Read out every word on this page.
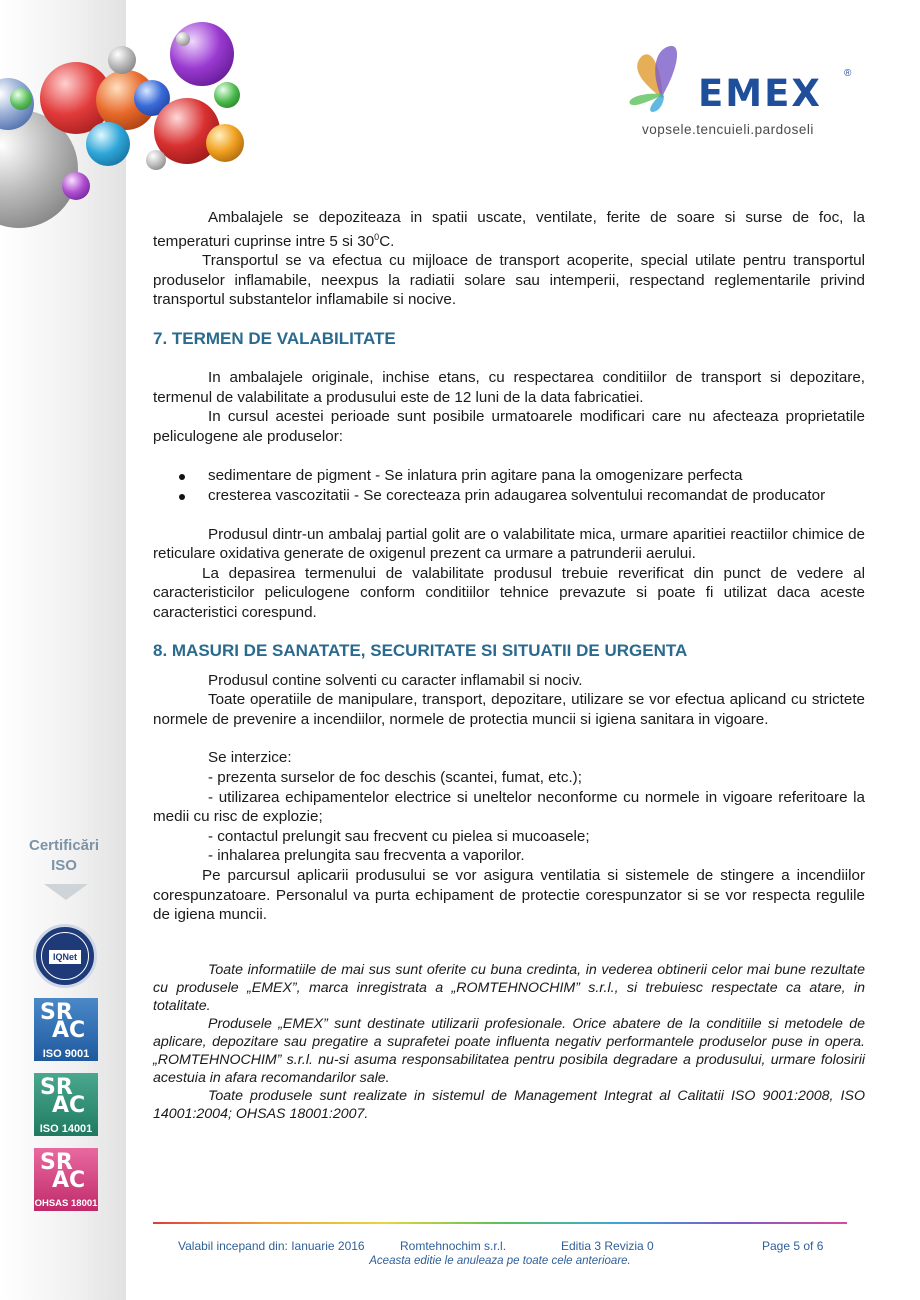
EMEX ®
vopsele.tencuieli.pardoseli
Certificări
ISO
IQNet
SR
AC
ISO 9001
SR
AC
ISO 14001
SR
AC
OHSAS 18001

Ambalajele se depoziteaza in spatii uscate, ventilate, ferite de soare si surse de foc, la temperaturi cuprinse intre 5 si $30^0C$.

Transportul se va efectua cu mijloace de transport acoperite, special utilate pentru transportul produselor inflamabile, neexpus la radiatii solare sau intemperii, respectand reglementarile privind transportul substantelor inflamabile si nocive.

7. TERMEN DE VALABILITATE

In ambalajele originale, inchise etans, cu respectarea conditiilor de transport si depozitare, termenul de valabilitate a produsului este de 12 luni de la data fabricatiei.

In cursul acestei perioade sunt posibile urmatoarele modificari care nu afecteaza proprietatile peliculogene ale produselor:

sedimentare de pigment - Se inlatura prin agitare pana la omogenizare perfecta
cresterea vascozitatii - Se corecteaza prin adaugarea solventului recomandat de producator

Produsul dintr-un ambalaj partial golit are o valabilitate mica, urmare aparitiei reactiilor chimice de reticulare oxidativa generate de oxigenul prezent ca urmare a patrunderii aerului.

La depasirea termenului de valabilitate produsul trebuie reverificat din punct de vedere al caracteristicilor peliculogene conform conditiilor tehnice prevazute si poate fi utilizat daca aceste caracteristici corespund.

8. MASURI DE SANATATE, SECURITATE SI SITUATII DE URGENTA

Produsul contine solventi cu caracter inflamabil si nociv.

Toate operatiile de manipulare, transport, depozitare, utilizare se vor efectua aplicand cu strictete normele de prevenire a incendiilor, normele de protectia muncii si igiena sanitara in vigoare.

Se interzice:

- prezenta surselor de foc deschis (scantei, fumat, etc.);

- utilizarea echipamentelor electrice si uneltelor neconforme cu normele in vigoare referitoare la medii cu risc de explozie;

- contactul prelungit sau frecvent cu pielea si mucoasele;

- inhalarea prelungita sau frecventa a vaporilor.

Pe parcursul aplicarii produsului se vor asigura ventilatia si sistemele de stingere a incendiilor corespunzatoare. Personalul va purta echipament de protectie corespunzator si se vor respecta regulile de igiena muncii.

Toate informatiile de mai sus sunt oferite cu buna credinta, in vederea obtinerii celor mai bune rezultate cu produsele „EMEX”, marca inregistrata a „ROMTEHNOCHIM” s.r.l., si trebuiesc respectate ca atare, in totalitate.

Produsele „EMEX” sunt destinate utilizarii profesionale. Orice abatere de la conditiile si metodele de aplicare, depozitare sau pregatire a suprafetei poate influenta negativ performantele produselor puse in opera. „ROMTEHNOCHIM” s.r.l. nu-si asuma responsabilitatea pentru posibila degradare a produsului, urmare folosirii acestuia in afara recomandarilor sale.

Toate produsele sunt realizate in sistemul de Management Integrat al Calitatii ISO 9001:2008, ISO 14001:2004; OHSAS 18001:2007.

Valabil incepand din: Ianuarie 2016	Romtehnochim s.r.l.	Editia 3 Revizia 0	Page 5 of 6
Aceasta editie le anuleaza pe toate cele anterioare.
